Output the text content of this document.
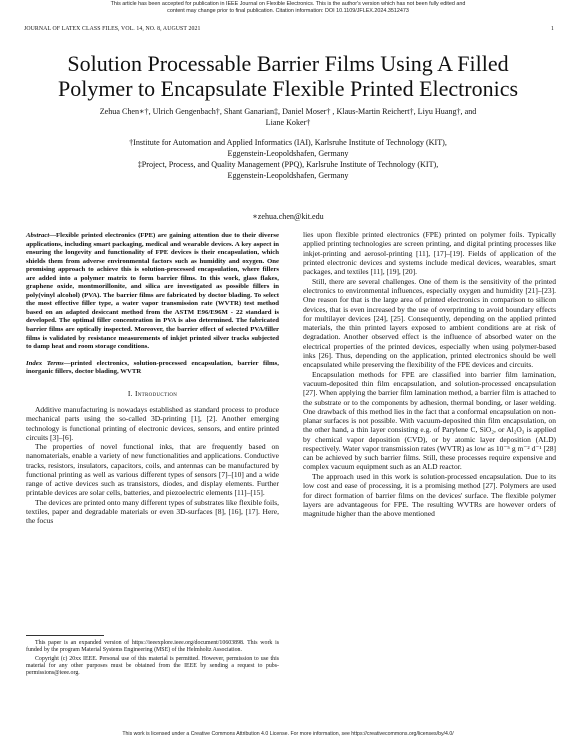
This article has been accepted for publication in IEEE Journal on Flexible Electronics. This is the author's version which has not been fully edited and
content may change prior to final publication. Citation information: DOI 10.1109/JFLEX.2024.3512473
JOURNAL OF LATEX CLASS FILES, VOL. 14, NO. 8, AUGUST 2021	1
Solution Processable Barrier Films Using A Filled
Polymer to Encapsulate Flexible Printed Electronics
Zehua Chen∗†, Ulrich Gengenbach†, Shant Ganarian‡, Daniel Moser† , Klaus-Martin Reichert†, Liyu Huang†, and
Liane Koker†
†Institute for Automation and Applied Informatics (IAI), Karlsruhe Institute of Technology (KIT),
Eggenstein-Leopoldshafen, Germany
‡Project, Process, and Quality Management (PPQ), Karlsruhe Institute of Technology (KIT),
Eggenstein-Leopoldshafen, Germany
∗zehua.chen@kit.edu
Abstract—Flexible printed electronics (FPE) are gaining attention due to their diverse applications, including smart packaging, medical and wearable devices. A key aspect in ensuring the longevity and functionality of FPE devices is their encapsulation, which shields them from adverse environmental factors such as humidity and oxygen. One promising approach to achieve this is solution-processed encapsulation, where fillers are added into a polymer matrix to form barrier films. In this work, glass flakes, graphene oxide, montmorillonite, and silica are investigated as possible fillers in poly(vinyl alcohol) (PVA). The barrier films are fabricated by doctor blading. To select the most effective filler type, a water vapor transmission rate (WVTR) test method based on an adapted desiccant method from the ASTM E96/E96M - 22 standard is developed. The optimal filler concentration in PVA is also determined. The fabricated barrier films are optically inspected. Moreover, the barrier effect of selected PVA/filler films is validated by resistance measurements of inkjet printed silver tracks subjected to damp heat and room storage conditions.
Index Terms—printed electronics, solution-processed encapsulation, barrier films, inorganic fillers, doctor blading, WVTR
I. Introduction

Additive manufacturing is nowadays established as standard process to produce mechanical parts using the so-called 3D-printing [1], [2]. Another emerging technology is functional printing of electronic devices, sensors, and entire printed circuits [3]–[6].

The properties of novel functional inks, that are frequently based on nanomaterials, enable a variety of new functionalities and applications. Conductive tracks, resistors, insulators, capacitors, coils, and antennas can be manufactured by functional printing as well as various different types of sensors [7]–[10] and a wide range of active devices such as transistors, diodes, and display elements. Further printable devices are solar cells, batteries, and piezoelectric elements [11]–[15].

The devices are printed onto many different types of substrates like flexible foils, textiles, paper and degradable materials or even 3D-surfaces [8], [16], [17]. Here, the focus

This paper is an expanded version of https://ieeexplore.ieee.org/document/10603898. This work is funded by the program Material Systems Engineering (MSE) of the Helmholtz Association.

Copyright (c) 20xx IEEE. Personal use of this material is permitted. However, permission to use this material for any other purposes must be obtained from the IEEE by sending a request to pubs-permissions@ieee.org.

lies upon flexible printed electronics (FPE) printed on polymer foils. Typically applied printing technologies are screen printing, and digital printing processes like inkjet-printing and aerosol-printing [11], [17]–[19]. Fields of application of the printed electronic devices and systems include medical devices, wearables, smart packages, and textiles [11], [19], [20].

Still, there are several challenges. One of them is the sensitivity of the printed electronics to environmental influences, especially oxygen and humidity [21]–[23]. One reason for that is the large area of printed electronics in comparison to silicon devices, that is even increased by the use of overprinting to avoid boundary effects for multilayer devices [24], [25]. Consequently, depending on the applied printed materials, the thin printed layers exposed to ambient conditions are at risk of degradation. Another observed effect is the influence of absorbed water on the electrical properties of the printed devices, especially when using polymer-based inks [26]. Thus, depending on the application, printed electronics should be well encapsulated while preserving the flexibility of the FPE devices and circuits.

Encapsulation methods for FPE are classified into barrier film lamination, vacuum-deposited thin film encapsulation, and solution-processed encapsulation [27]. When applying the barrier film lamination method, a barrier film is attached to the substrate or to the components by adhesion, thermal bonding, or laser welding. One drawback of this method lies in the fact that a conformal encapsulation on non-planar surfaces is not possible. With vacuum-deposited thin film encapsulation, on the other hand, a thin layer consisting e.g. of Parylene C, SiO₂, or Al₂O₃ is applied by chemical vapor deposition (CVD), or by atomic layer deposition (ALD) respectively. Water vapor transmission rates (WVTR) as low as 10⁻⁵ g m⁻² d⁻¹ [28] can be achieved by such barrier films. Still, these processes require expensive and complex vacuum equipment such as an ALD reactor.

The approach used in this work is solution-processed encapsulation. Due to its low cost and ease of processing, it is a promising method [27]. Polymers are used for direct formation of barrier films on the devices' surface. The flexible polymer layers are advantageous for FPE. The resulting WVTRs are however orders of magnitude higher than the above mentioned

This work is licensed under a Creative Commons Attribution 4.0 License. For more information, see https://creativecommons.org/licenses/by/4.0/
